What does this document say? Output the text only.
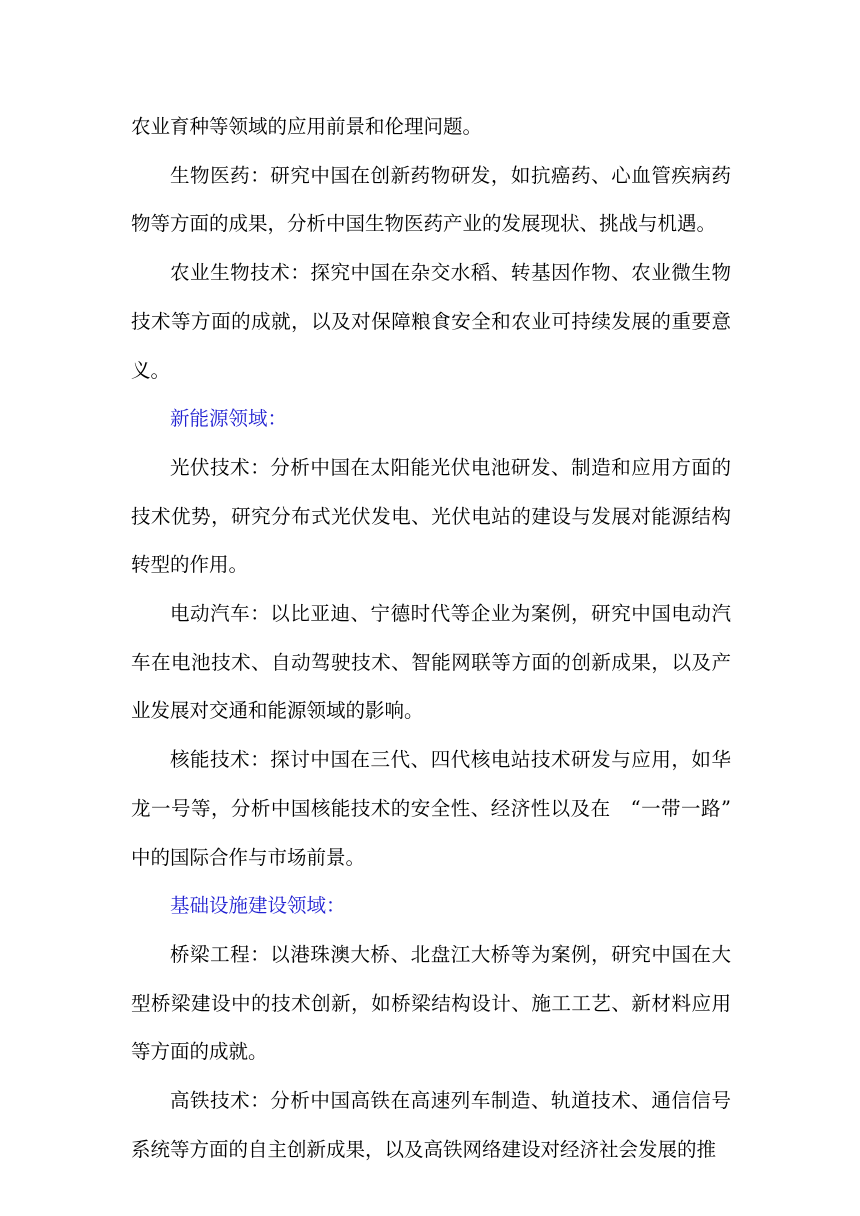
农业育种等领域的应用前景和伦理问题。

生物医药：研究中国在创新药物研发，如抗癌药、心血管疾病药物等方面的成果，分析中国生物医药产业的发展现状、挑战与机遇。

农业生物技术：探究中国在杂交水稻、转基因作物、农业微生物技术等方面的成就，以及对保障粮食安全和农业可持续发展的重要意义。

新能源领域：

光伏技术：分析中国在太阳能光伏电池研发、制造和应用方面的技术优势，研究分布式光伏发电、光伏电站的建设与发展对能源结构转型的作用。

电动汽车：以比亚迪、宁德时代等企业为案例，研究中国电动汽车在电池技术、自动驾驶技术、智能网联等方面的创新成果，以及产业发展对交通和能源领域的影响。

核能技术：探讨中国在三代、四代核电站技术研发与应用，如华龙一号等，分析中国核能技术的安全性、经济性以及在　“一带一路”　中的国际合作与市场前景。

基础设施建设领域：

桥梁工程：以港珠澳大桥、北盘江大桥等为案例，研究中国在大型桥梁建设中的技术创新，如桥梁结构设计、施工工艺、新材料应用等方面的成就。

高铁技术：分析中国高铁在高速列车制造、轨道技术、通信信号系统等方面的自主创新成果，以及高铁网络建设对经济社会发展的推
